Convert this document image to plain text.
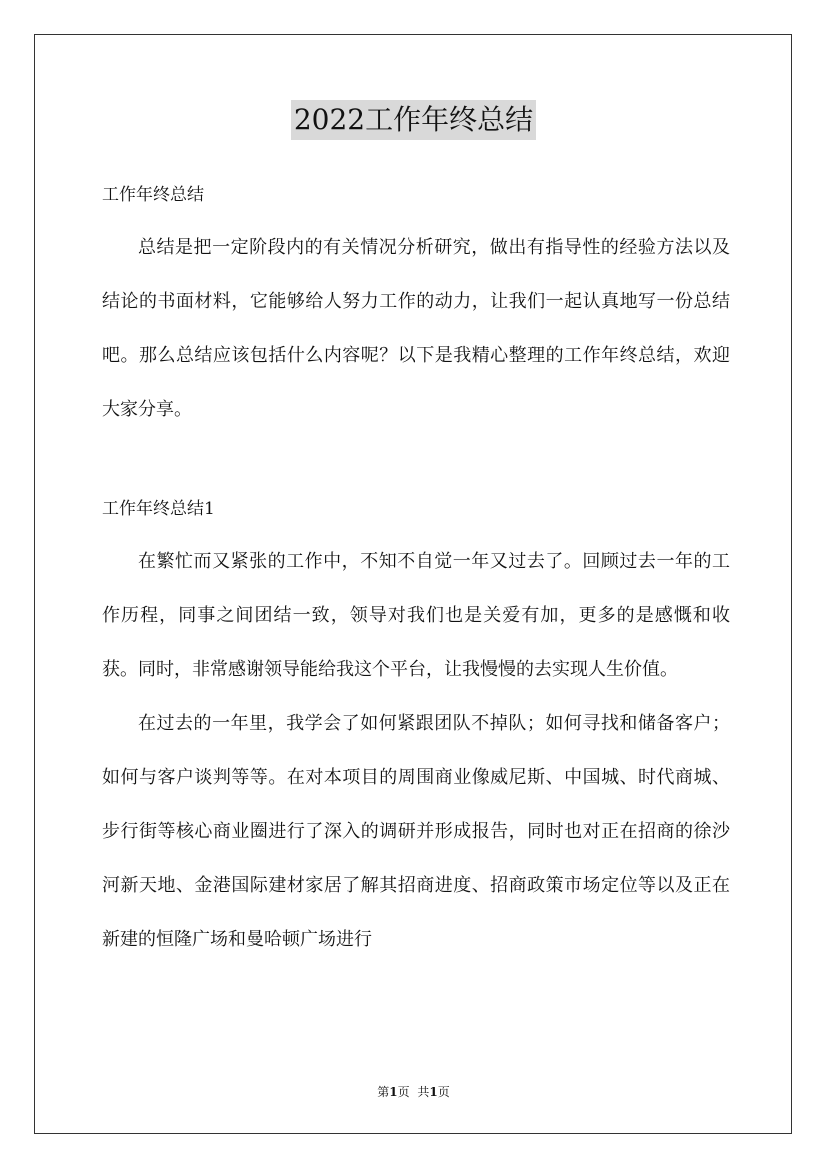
2022工作年终总结

工作年终总结

总结是把一定阶段内的有关情况分析研究，做出有指导性的经验方法以及结论的书面材料，它能够给人努力工作的动力，让我们一起认真地写一份总结吧。那么总结应该包括什么内容呢？以下是我精心整理的工作年终总结，欢迎大家分享。

工作年终总结1

在繁忙而又紧张的工作中，不知不自觉一年又过去了。回顾过去一年的工作历程，同事之间团结一致，领导对我们也是关爱有加，更多的是感慨和收获。同时，非常感谢领导能给我这个平台，让我慢慢的去实现人生价值。

在过去的一年里，我学会了如何紧跟团队不掉队；如何寻找和储备客户；如何与客户谈判等等。在对本项目的周围商业像威尼斯、中国城、时代商城、步行街等核心商业圈进行了深入的调研并形成报告，同时也对正在招商的徐沙河新天地、金港国际建材家居了解其招商进度、招商政策市场定位等以及正在新建的恒隆广场和曼哈顿广场进行

第1页 共1页
